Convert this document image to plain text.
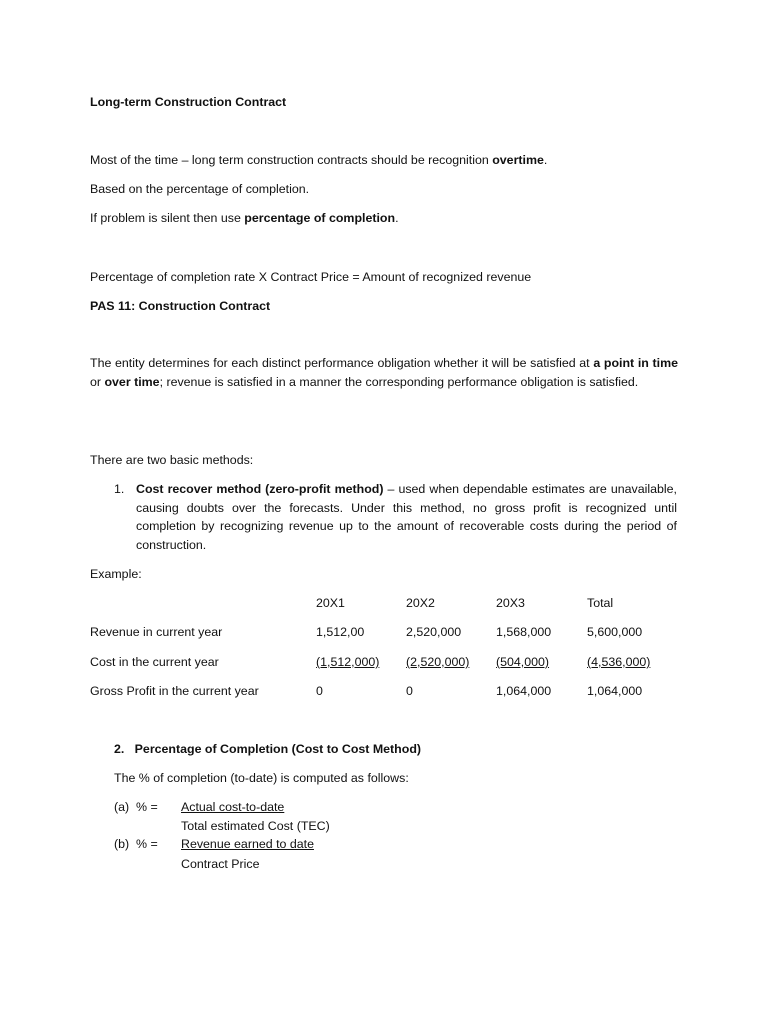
Long-term Construction Contract
Most of the time – long term construction contracts should be recognition overtime.
Based on the percentage of completion.
If problem is silent then use percentage of completion.
Percentage of completion rate X Contract Price = Amount of recognized revenue
PAS 11: Construction Contract
The entity determines for each distinct performance obligation whether it will be satisfied at a point in time or over time; revenue is satisfied in a manner the corresponding performance obligation is satisfied.
There are two basic methods:
1. Cost recover method (zero-profit method) – used when dependable estimates are unavailable, causing doubts over the forecasts. Under this method, no gross profit is recognized until completion by recognizing revenue up to the amount of recoverable costs during the period of construction.
Example:
20X1	20X2	20X3	Total
Revenue in current year	1,512,00	2,520,000	1,568,000	5,600,000
Cost in the current year	(1,512,000) (2,520,000) (504,000)	(4,536,000)
Gross Profit in the current year	0	0	1,064,000	1,064,000
2.   Percentage of Completion (Cost to Cost Method)
The % of completion (to-date) is computed as follows:
(a) % = Actual cost-to-date
Total estimated Cost (TEC)
(b) % = Revenue earned to date
Contract Price
